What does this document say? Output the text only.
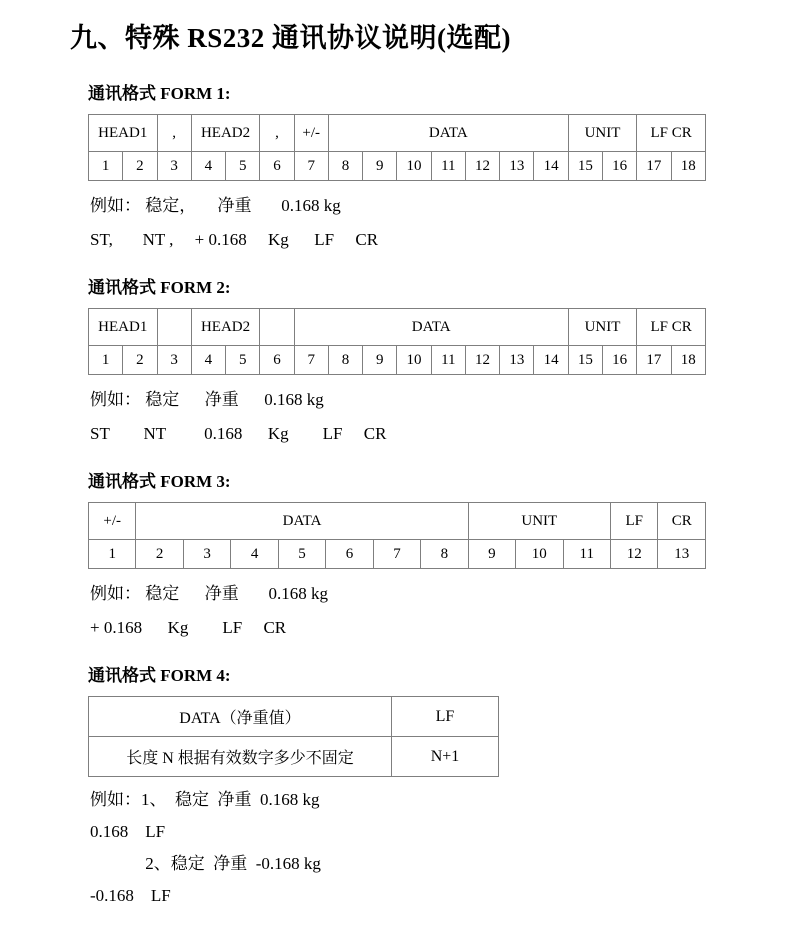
九、特殊 RS232 通讯协议说明(选配)
通讯格式 FORM 1:
HEAD1		,	HEAD2		,	+/-	DATA							UNIT		LF CR	
1	2	3	4	5	6	7	8	9	10	11	12	13	14	15	16	17	18

例如： 稳定，     净重       0.168 kg

ST,       NT ,     + 0.168     Kg      LF     CR

通讯格式 FORM 2:
HEAD1			HEAD2			DATA								UNIT		LF CR	
1	2	3	4	5	6	7	8	9	10	11	12	13	14	15	16	17	18

例如： 稳定      净重      0.168 kg

ST        NT         0.168      Kg        LF     CR

通讯格式 FORM 3:
+/-	DATA							UNIT			LF	CR
1	2	3	4	5	6	7	8	9	10	11	12	13

例如： 稳定      净重       0.168 kg

+ 0.168      Kg        LF     CR

通讯格式 FORM 4:
DATA（净重值）	LF
长度 N 根据有效数字多少不固定	N+1

例如：1、  稳定  净重  0.168 kg

0.168    LF

2、稳定  净重  -0.168 kg

-0.168    LF
